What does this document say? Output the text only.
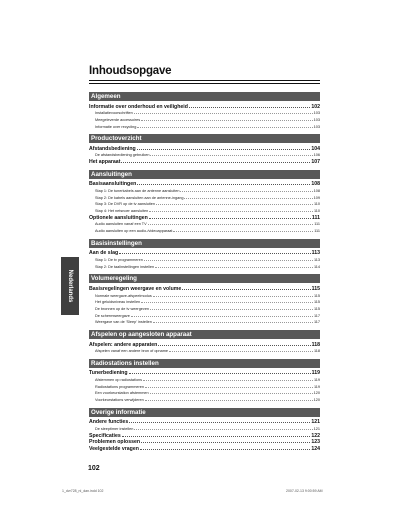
Inhoudsopgave
Algemeen
Informatie over onderhoud en veiligheid	102
Installatievoorschriften	103
Meegeleverde accessoires	103
Informatie over recycling	103
Productoverzicht
Afstandsbediening	104
De afstandsbediening gebruiken	106
Het apparaat	107
Aansluitingen
Basisaansluitingen	108
Stap 1: De tunerkabels aan de antenne aansluiten	108
Stap 2: De kabels aansluiten aan de antenne-ingang	109
Stap 3: De DVR op de tv aansluiten	110
Stap 4: Het netsnoer aansluiten	110
Optionele aansluitingen	111
Audio aansluiten vanaf een TV	111
Audio aansluiten op een audio-/videoapparaat	111
Basisinstellingen
Aan de slag	113
Stap 1: De tv programmeren	113
Stap 2: De taalinstellingen instellen	114
Volumeregeling
Basisregelingen weergave en volume	115
Normale weergave-afspeelmodus	115
Het geluidsniveau instellen	115
De bronnen op de tv weergeven	115
De schermweergave	117
Weergave van de 'Sleep' instellen	117
Afspelen op aangesloten apparaat
Afspelen: andere apparaten	118
Afspelen vanaf een andere bron of opname	118
Radiostations instellen
Tunerbediening	119
Afstemmen op radiostations	119
Radiostations programmeren	119
Een voorkeurstation afstemmen	120
Voorkeurstations verwijderen	120
Overige informatie
Andere functies	121
De sleeptimer instellen	121
Specificaties	122
Problemen oplossen	123
Veelgestelde vragen	124
Nederlands
102
1_dvr728_nl_dan.indd 102	2007-02-13 9:00:59 AM
